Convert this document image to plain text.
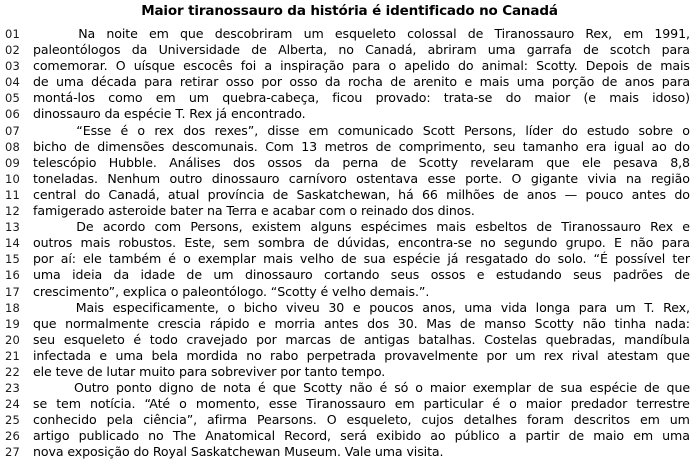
Maior tiranossauro da história é identificado no Canadá
01	Na noite em que descobriram um esqueleto colossal de Tiranossauro Rex, em 1991,
02	paleontólogos da Universidade de Alberta, no Canadá, abriram uma garrafa de scotch para
03	comemorar. O uísque escocês foi a inspiração para o apelido do animal: Scotty. Depois de mais
04	de uma década para retirar osso por osso da rocha de arenito e mais uma porção de anos para
05	montá-los como em um quebra-cabeça, ficou provado: trata-se do maior (e mais idoso)
06	dinossauro da espécie T. Rex já encontrado.
07	“Esse é o rex dos rexes”, disse em comunicado Scott Persons, líder do estudo sobre o
08	bicho de dimensões descomunais. Com 13 metros de comprimento, seu tamanho era igual ao do
09	telescópio Hubble. Análises dos ossos da perna de Scotty revelaram que ele pesava 8,8
10	toneladas. Nenhum outro dinossauro carnívoro ostentava esse porte. O gigante vivia na região
11	central do Canadá, atual província de Saskatchewan, há 66 milhões de anos — pouco antes do
12	famigerado asteroide bater na Terra e acabar com o reinado dos dinos.
13	De acordo com Persons, existem alguns espécimes mais esbeltos de Tiranossauro Rex e
14	outros mais robustos. Este, sem sombra de dúvidas, encontra-se no segundo grupo. E não para
15	por aí: ele também é o exemplar mais velho de sua espécie já resgatado do solo. “É possível ter
16	uma ideia da idade de um dinossauro cortando seus ossos e estudando seus padrões de
17	crescimento”, explica o paleontólogo. “Scotty é velho demais.”.
18	Mais especificamente, o bicho viveu 30 e poucos anos, uma vida longa para um T. Rex,
19	que normalmente crescia rápido e morria antes dos 30. Mas de manso Scotty não tinha nada:
20	seu esqueleto é todo cravejado por marcas de antigas batalhas. Costelas quebradas, mandíbula
21	infectada e uma bela mordida no rabo perpetrada provavelmente por um rex rival atestam que
22	ele teve de lutar muito para sobreviver por tanto tempo.
23	Outro ponto digno de nota é que Scotty não é só o maior exemplar de sua espécie de que
24	se tem notícia. “Até o momento, esse Tiranossauro em particular é o maior predador terrestre
25	conhecido pela ciência”, afirma Pearsons. O esqueleto, cujos detalhes foram descritos em um
26	artigo publicado no The Anatomical Record, será exibido ao público a partir de maio em uma
27	nova exposição do Royal Saskatchewan Museum. Vale uma visita.
